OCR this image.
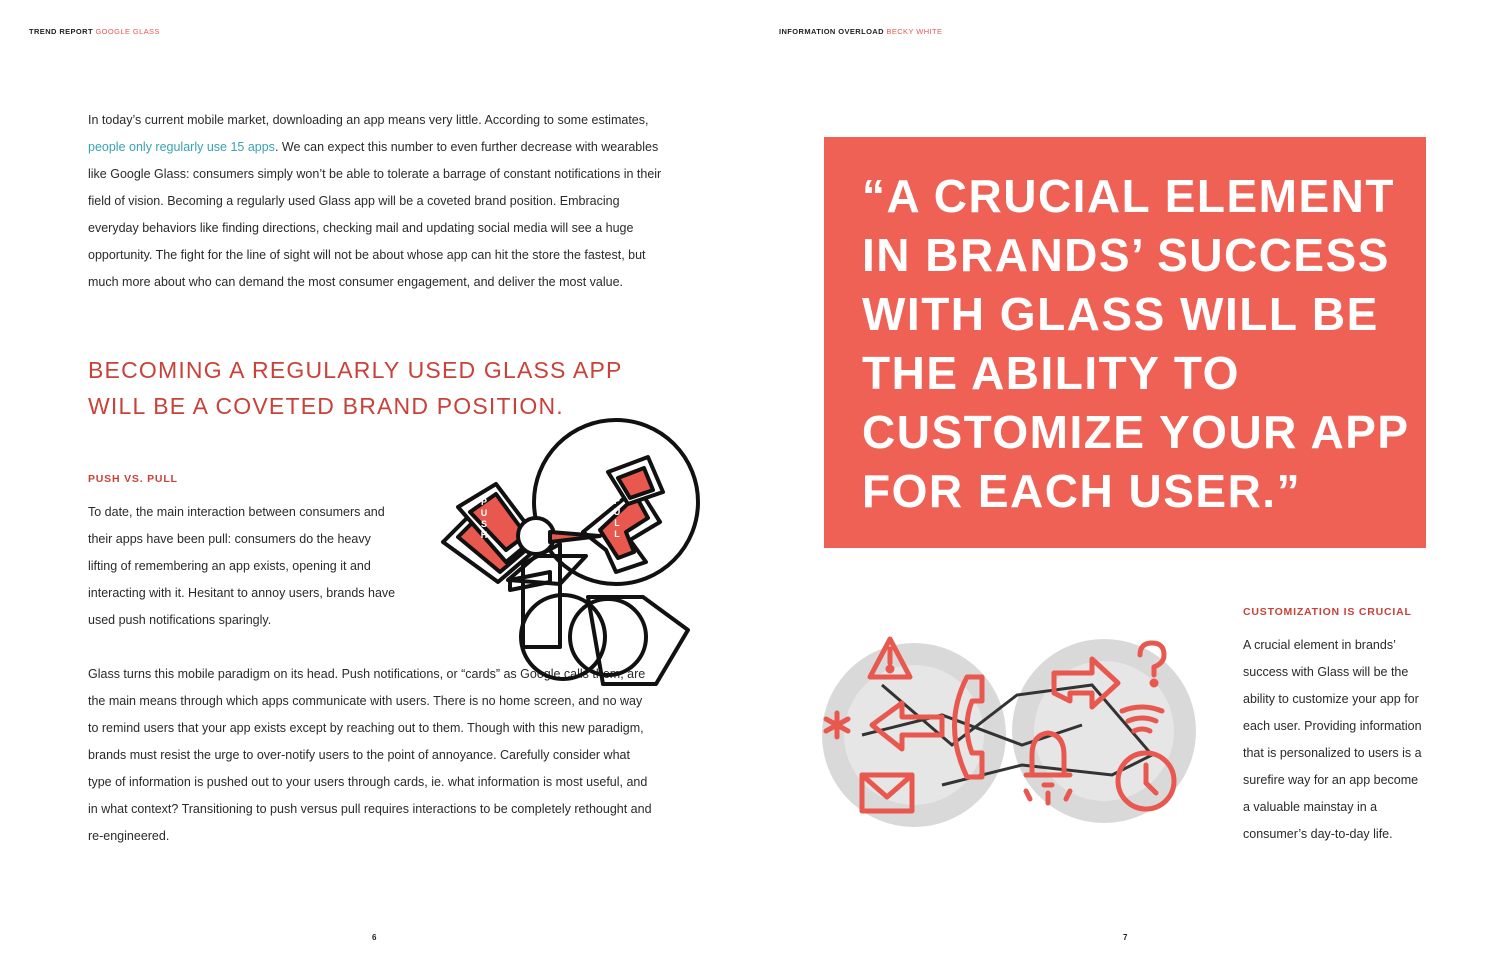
TREND REPORT GOOGLE GLASS

In today’s current mobile market, downloading an app means very little. According to some estimates, people only regularly use 15 apps. We can expect this number to even further decrease with wearables like Google Glass: consumers simply won’t be able to tolerate a barrage of constant notifications in their field of vision. Becoming a regularly used Glass app will be a coveted brand position. Embracing everyday behaviors like finding directions, checking mail and updating social media will see a huge opportunity. The fight for the line of sight will not be about whose app can hit the store the fastest, but much more about who can demand the most consumer engagement, and deliver the most value.

BECOMING A REGULARLY USED GLASS APP WILL BE A COVETED BRAND POSITION.
PUSH VS. PULL

To date, the main interaction between consumers and their apps have been pull: consumers do the heavy lifting of remembering an app exists, opening it and interacting with it. Hesitant to annoy users, brands have used push notifications sparingly.

Glass turns this mobile paradigm on its head. Push notifications, or “cards” as Google calls them, are the main means through which apps communicate with users. There is no home screen, and no way to remind users that your app exists except by reaching out to them. Though with this new paradigm, brands must resist the urge to over-notify users to the point of annoyance. Carefully consider what type of information is pushed out to your users through cards, ie. what information is most useful, and in what context? Transitioning to push versus pull requires interactions to be completely rethought and re-engineered.

P
U
S
H
P
U
L
L
6
INFORMATION OVERLOAD BECKY WHITE

“A CRUCIAL ELEMENT IN BRANDS’ SUCCESS WITH GLASS WILL BE THE ABILITY TO CUSTOMIZE YOUR APP FOR EACH USER.”

CUSTOMIZATION IS CRUCIAL

A crucial element in brands’ success with Glass will be the ability to customize your app for each user. Providing information that is personalized to users is a surefire way for an app become a valuable mainstay in a consumer’s day-to-day life.

7
